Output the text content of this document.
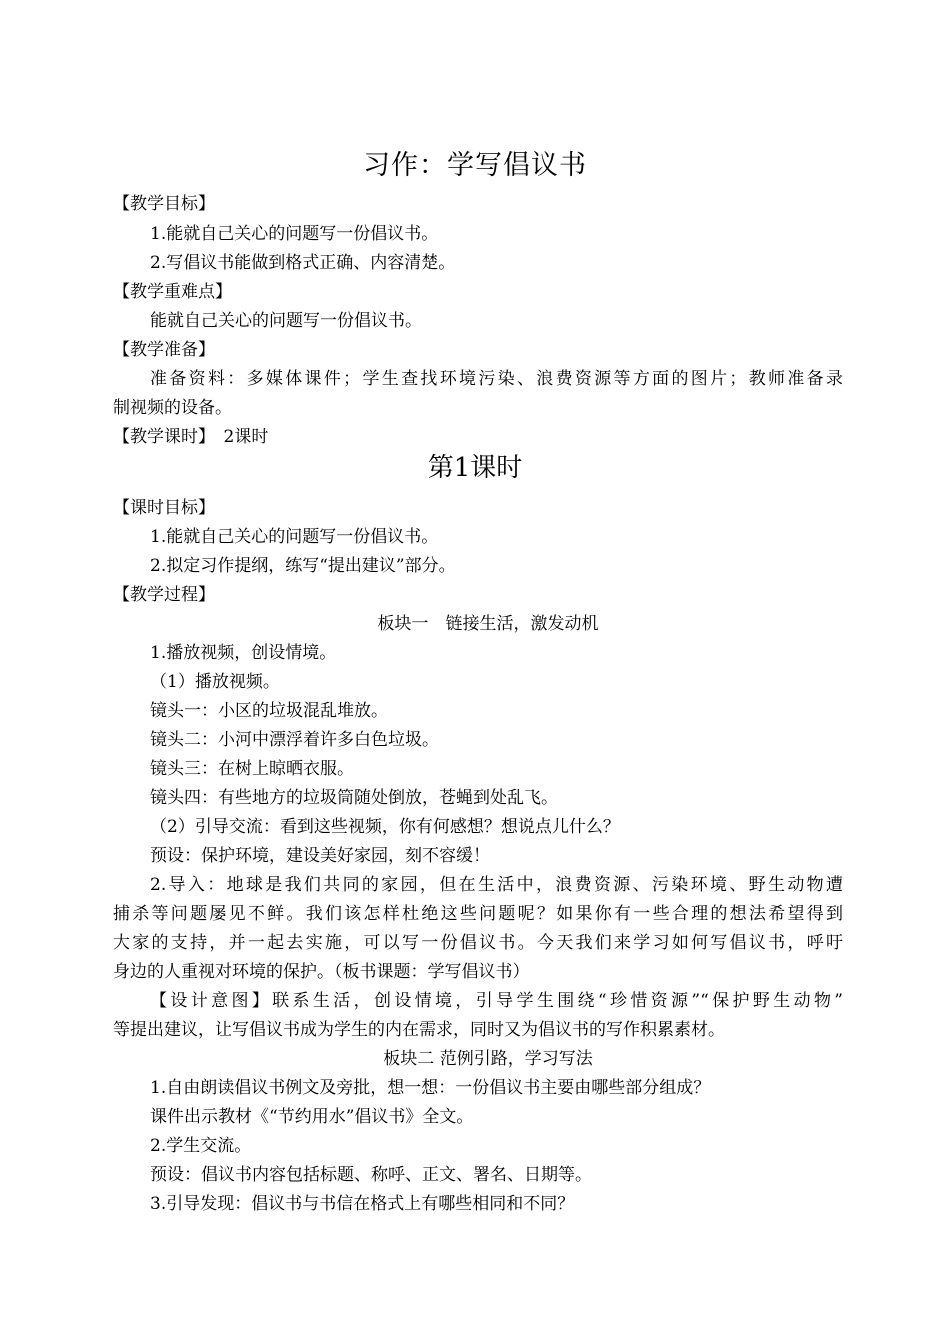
习作：学写倡议书
【教学目标】
1.能就自己关心的问题写一份倡议书。
2.写倡议书能做到格式正确、内容清楚。
【教学重难点】
能就自己关心的问题写一份倡议书。
【教学准备】
准备资料：多媒体课件；学生查找环境污染、浪费资源等方面的图片；教师准备录
制视频的设备。
【教学课时】　2课时
第1课时
【课时目标】
1.能就自己关心的问题写一份倡议书。
2.拟定习作提纲，练写“提出建议”部分。
【教学过程】
板块一　链接生活，激发动机
1.播放视频，创设情境。
（1）播放视频。
镜头一：小区的垃圾混乱堆放。
镜头二：小河中漂浮着许多白色垃圾。
镜头三：在树上晾晒衣服。
镜头四：有些地方的垃圾筒随处倒放，苍蝇到处乱飞。
（2）引导交流：看到这些视频，你有何感想？想说点儿什么？
预设：保护环境，建设美好家园，刻不容缓！
2.导入：地球是我们共同的家园，但在生活中，浪费资源、污染环境、野生动物遭
捕杀等问题屡见不鲜。我们该怎样杜绝这些问题呢？如果你有一些合理的想法希望得到
大家的支持，并一起去实施，可以写一份倡议书。今天我们来学习如何写倡议书，呼吁
身边的人重视对环境的保护。（板书课题：学写倡议书）
【设计意图】联系生活，创设情境，引导学生围绕“珍惜资源”“保护野生动物”
等提出建议，让写倡议书成为学生的内在需求，同时又为倡议书的写作积累素材。
板块二 范例引路，学习写法
1.自由朗读倡议书例文及旁批，想一想：一份倡议书主要由哪些部分组成？
课件出示教材《“节约用水”倡议书》全文。
2.学生交流。
预设：倡议书内容包括标题、称呼、正文、署名、日期等。
3.引导发现：倡议书与书信在格式上有哪些相同和不同？
